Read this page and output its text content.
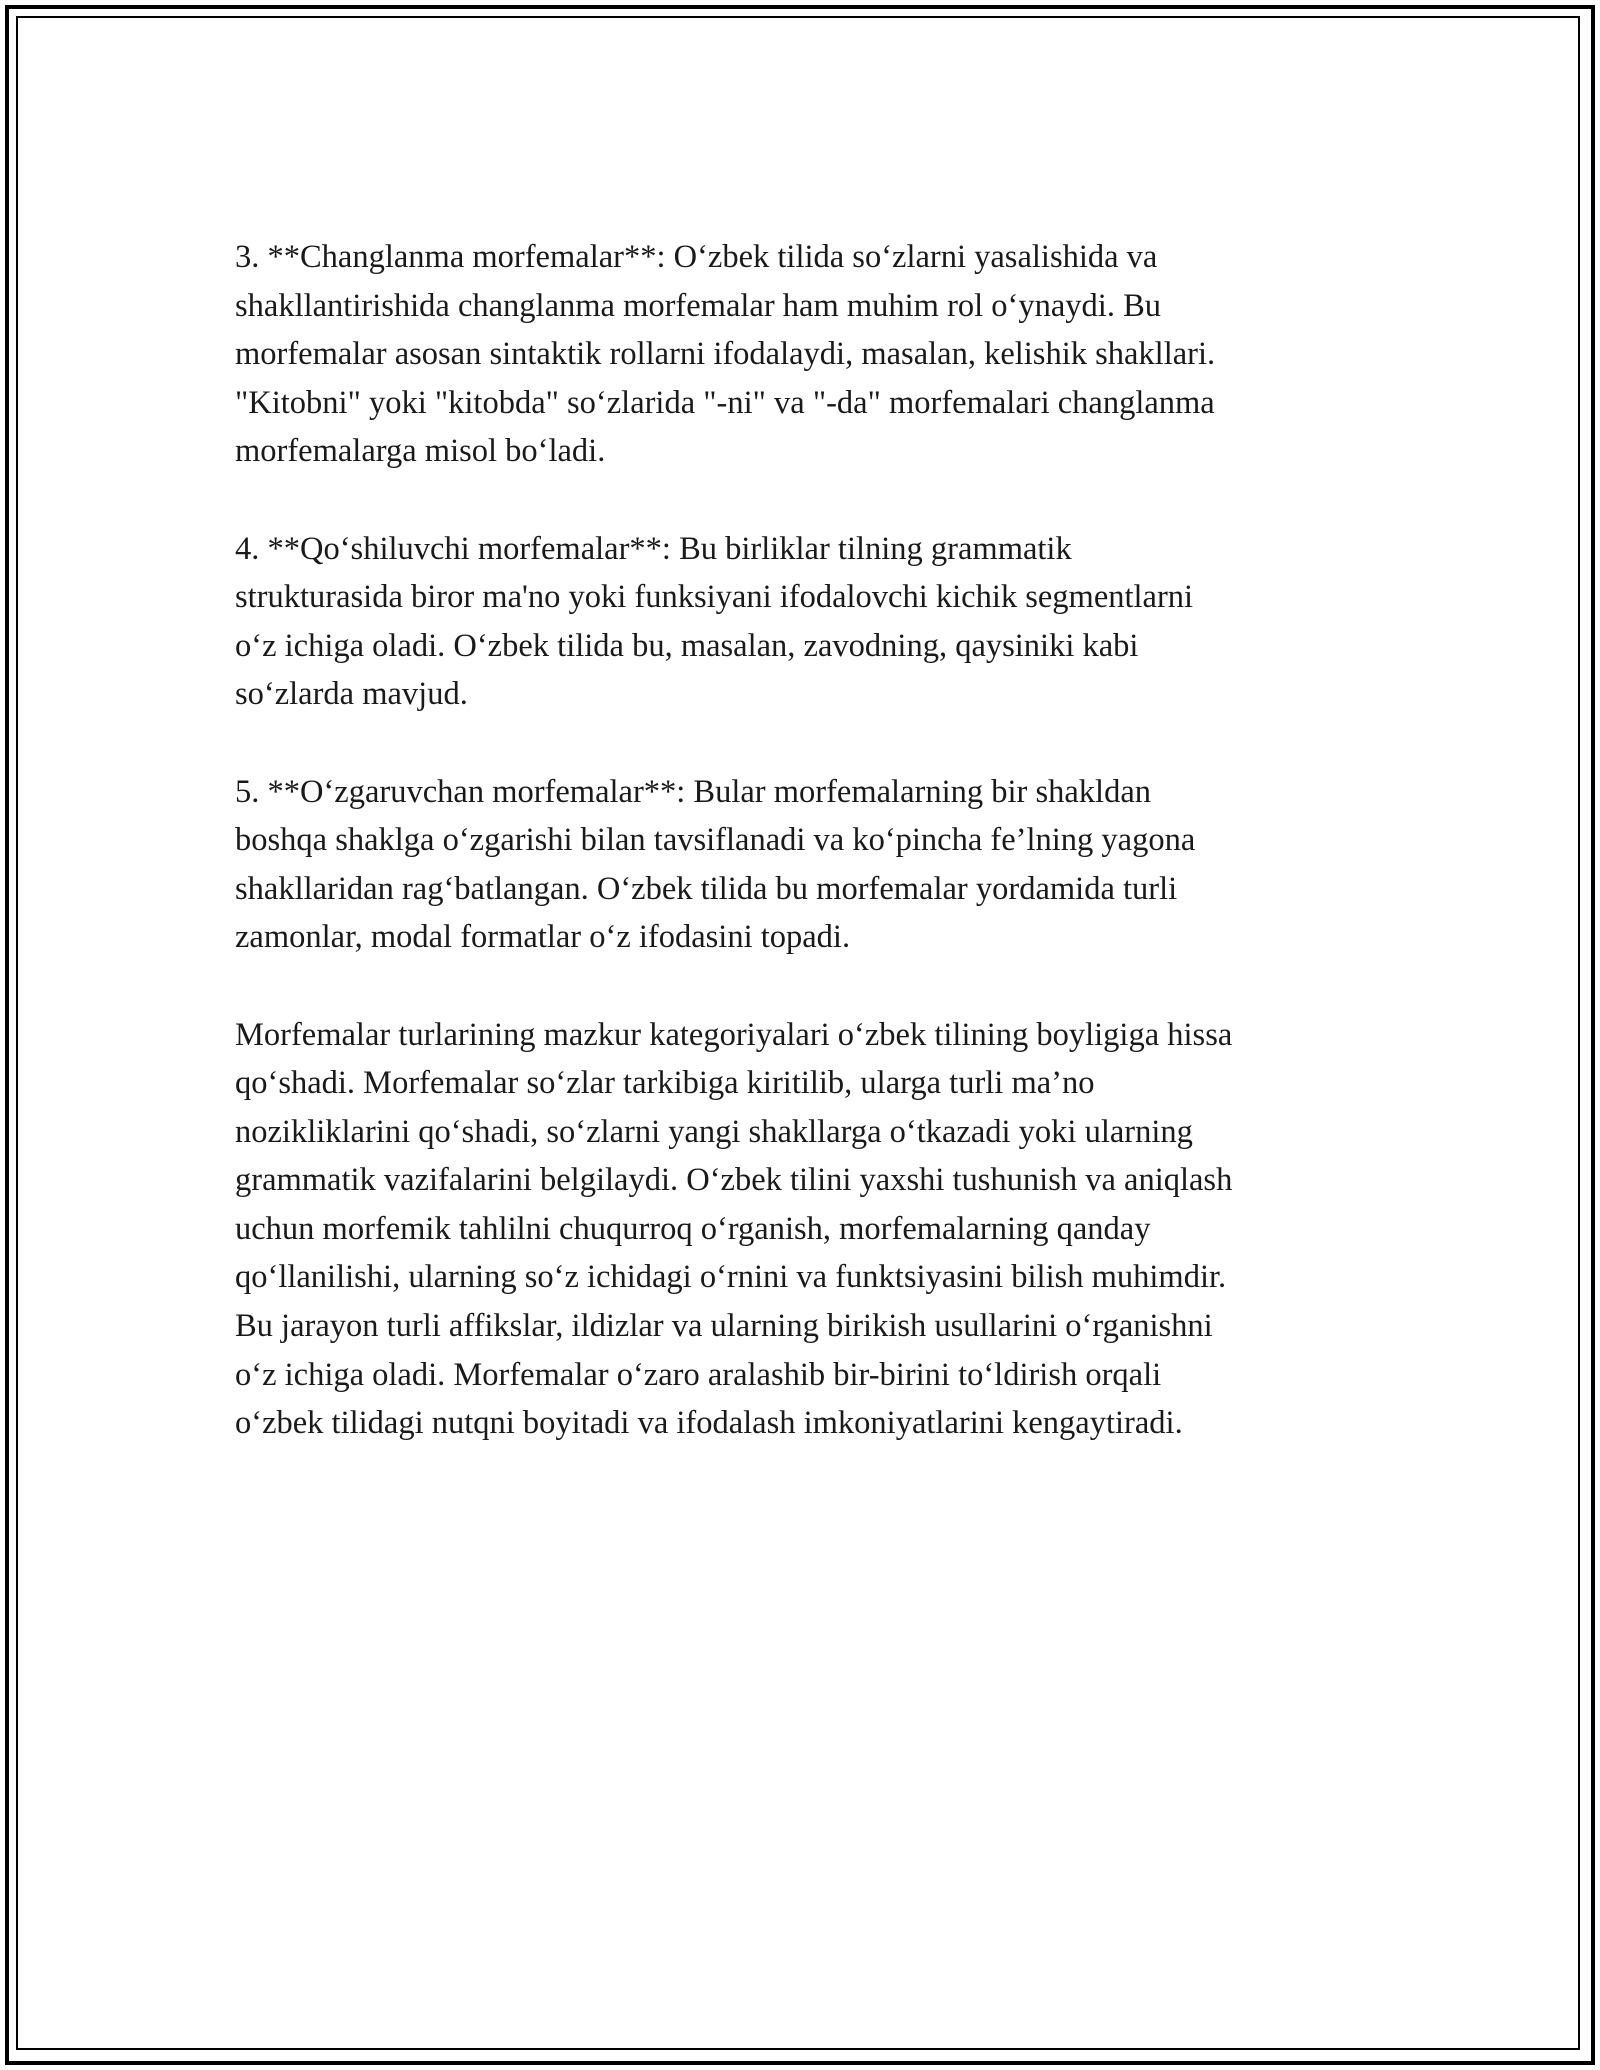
3. **Changlanma morfemalar**: O‘zbek tilida so‘zlarni yasalishida va
shakllantirishida changlanma morfemalar ham muhim rol o‘ynaydi. Bu
morfemalar asosan sintaktik rollarni ifodalaydi, masalan, kelishik shakllari.
"Kitobni" yoki "kitobda" so‘zlarida "-ni" va "-da" morfemalari changlanma
morfemalarga misol bo‘ladi.

4. **Qo‘shiluvchi morfemalar**: Bu birliklar tilning grammatik
strukturasida biror ma'no yoki funksiyani ifodalovchi kichik segmentlarni
o‘z ichiga oladi. O‘zbek tilida bu, masalan, zavodning, qaysiniki kabi
so‘zlarda mavjud.

5. **O‘zgaruvchan morfemalar**: Bular morfemalarning bir shakldan
boshqa shaklga o‘zgarishi bilan tavsiflanadi va ko‘pincha fe’lning yagona
shakllaridan rag‘batlangan. O‘zbek tilida bu morfemalar yordamida turli
zamonlar, modal formatlar o‘z ifodasini topadi.

Morfemalar turlarining mazkur kategoriyalari o‘zbek tilining boyligiga hissa
qo‘shadi. Morfemalar so‘zlar tarkibiga kiritilib, ularga turli ma’no
nozikliklarini qo‘shadi, so‘zlarni yangi shakllarga o‘tkazadi yoki ularning
grammatik vazifalarini belgilaydi. O‘zbek tilini yaxshi tushunish va aniqlash
uchun morfemik tahlilni chuqurroq o‘rganish, morfemalarning qanday
qo‘llanilishi, ularning so‘z ichidagi o‘rnini va funktsiyasini bilish muhimdir.
Bu jarayon turli affikslar, ildizlar va ularning birikish usullarini o‘rganishni
o‘z ichiga oladi. Morfemalar o‘zaro aralashib bir-birini to‘ldirish orqali
o‘zbek tilidagi nutqni boyitadi va ifodalash imkoniyatlarini kengaytiradi.
